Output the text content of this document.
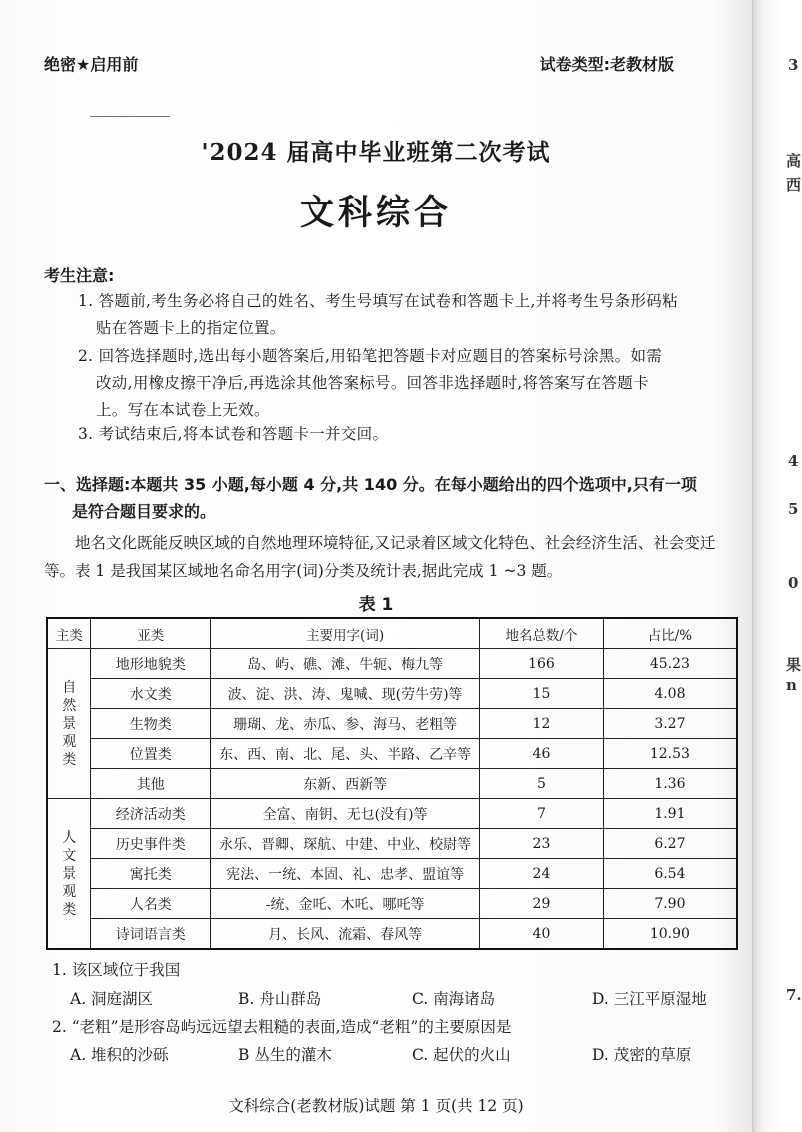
绝密★启用前	试卷类型:老教材版
'2024 届高中毕业班第二次考试
文科综合
考生注意:
1. 答题前,考生务必将自己的姓名、考生号填写在试卷和答题卡上,并将考生号条形码粘
贴在答题卡上的指定位置。
2. 回答选择题时,选出每小题答案后,用铅笔把答题卡对应题目的答案标号涂黑。如需
改动,用橡皮擦干净后,再选涂其他答案标号。回答非选择题时,将答案写在答题卡
上。写在本试卷上无效。
3. 考试结束后,将本试卷和答题卡一并交回。
一、选择题:本题共 35 小题,每小题 4 分,共 140 分。在每小题给出的四个选项中,只有一项
是符合题目要求的。
地名文化既能反映区域的自然地理环境特征,又记录着区域文化特色、社会经济生活、社会变迁等。表 1 是我国某区域地名命名用字(词)分类及统计表,据此完成 1 ~3 题。
表 1
主类	亚类	主要用字(词)	地名总数/个	占比/%

自
然
景
观
类	地形地貌类	岛、屿、礁、滩、牛轭、梅九等	166	45.23
	水文类	波、淀、洪、涛、鬼喊、现(劳牛劳)等	15	4.08
	生物类	珊瑚、龙、赤瓜、参、海马、老粗等	12	3.27
	位置类	东、西、南、北、尾、头、半路、乙辛等	46	12.53
	其他	东新、西新等	5	1.36

人
文
景
观
类	经济活动类	全富、南钥、无乜(没有)等	7	1.91
	历史事件类	永乐、晋卿、琛航、中建、中业、校尉等	23	6.27
	寓托类	宪法、一统、本固、礼、忠孝、盟谊等	24	6.54
	人名类	-统、金吒、木吒、哪吒等	29	7.90
	诗词语言类	月、长风、流霜、春风等	40	10.90
1. 该区域位于我国
A. 洞庭湖区	B. 舟山群岛	C. 南海诸岛	D. 三江平原湿地
2. “老粗”是形容岛屿远远望去粗糙的表面,造成“老粗”的主要原因是
A. 堆积的沙砾	B 丛生的灌木	C. 起伏的火山	D. 茂密的草原
文科综合(老教材版)试题 第 1 页(共 12 页)
3
高
西
4
5
0
果
n
7.
